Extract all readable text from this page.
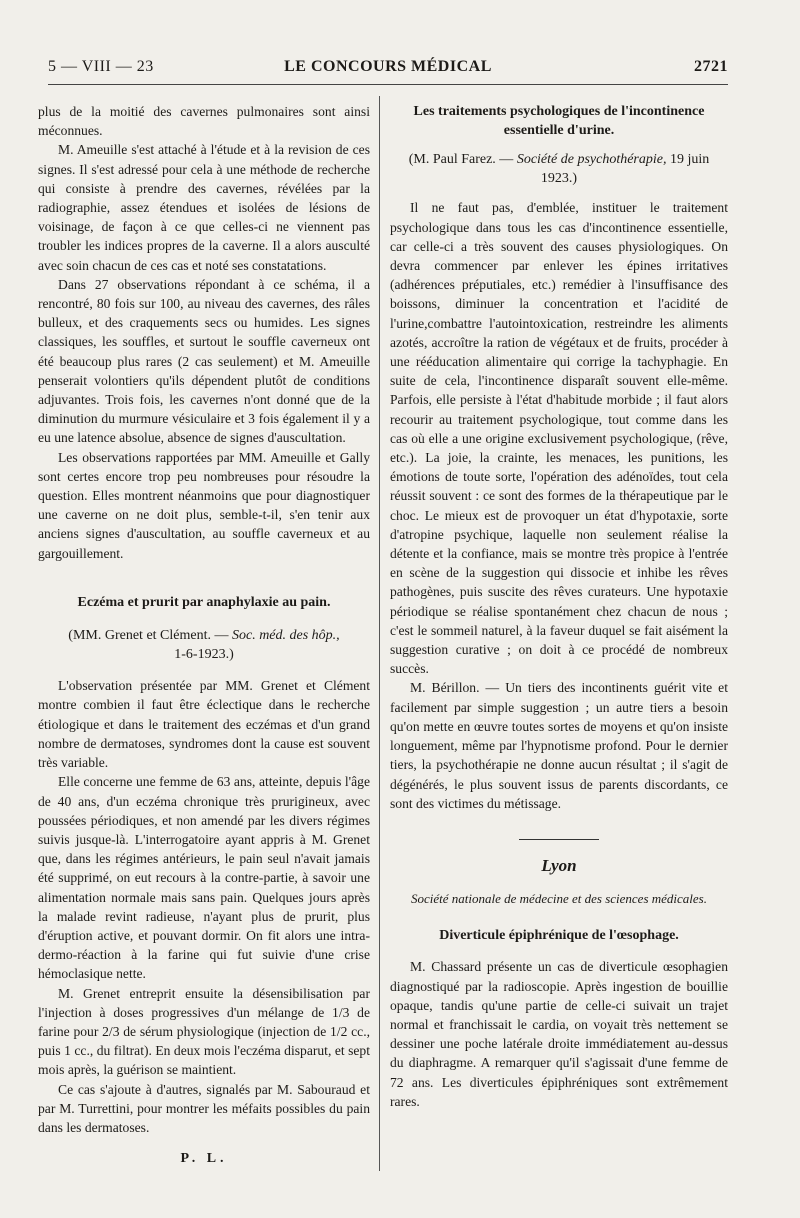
5 — VIII — 23	LE CONCOURS MÉDICAL	2721

plus de la moitié des cavernes pulmonaires sont ainsi méconnues.

M. Ameuille s'est attaché à l'étude et à la revision de ces signes. Il s'est adressé pour cela à une méthode de recherche qui consiste à prendre des cavernes, révélées par la radiographie, assez étendues et isolées de lésions de voisinage, de façon à ce que celles-ci ne viennent pas troubler les indices propres de la caverne. Il a alors ausculté avec soin chacun de ces cas et noté ses constatations.

Dans 27 observations répondant à ce schéma, il a rencontré, 80 fois sur 100, au niveau des cavernes, des râles bulleux, et des craquements secs ou humides. Les signes classiques, les souffles, et surtout le souffle caverneux ont été beaucoup plus rares (2 cas seulement) et M. Ameuille penserait volontiers qu'ils dépendent plutôt de conditions adjuvantes. Trois fois, les cavernes n'ont donné que de la diminution du murmure vésiculaire et 3 fois également il y a eu une latence absolue, absence de signes d'auscultation.

Les observations rapportées par MM. Ameuille et Gally sont certes encore trop peu nombreuses pour résoudre la question. Elles montrent néanmoins que pour diagnostiquer une caverne on ne doit plus, semble-t-il, s'en tenir aux anciens signes d'auscultation, au souffle caverneux et au gargouillement.

Eczéma et prurit par anaphylaxie au pain.

(MM. Grenet et Clément. — Soc. méd. des hôp.,
1-6-1923.)

L'observation présentée par MM. Grenet et Clément montre combien il faut être éclectique dans le recherche étiologique et dans le traitement des eczémas et d'un grand nombre de dermatoses, syndromes dont la cause est souvent très variable.

Elle concerne une femme de 63 ans, atteinte, depuis l'âge de 40 ans, d'un eczéma chronique très prurigineux, avec poussées périodiques, et non amendé par les divers régimes suivis jusque-là. L'interrogatoire ayant appris à M. Grenet que, dans les régimes antérieurs, le pain seul n'avait jamais été supprimé, on eut recours à la contre-partie, à savoir une alimentation normale mais sans pain. Quelques jours après la malade revint radieuse, n'ayant plus de prurit, plus d'éruption active, et pouvant dormir. On fit alors une intra-dermo-réaction à la farine qui fut suivie d'une crise hémoclasique nette.

M. Grenet entreprit ensuite la désensibilisation par l'injection à doses progressives d'un mélange de 1/3 de farine pour 2/3 de sérum physiologique (injection de 1/2 cc., puis 1 cc., du filtrat). En deux mois l'eczéma disparut, et sept mois après, la guérison se maintient.

Ce cas s'ajoute à d'autres, signalés par M. Sabouraud et par M. Turrettini, pour montrer les méfaits possibles du pain dans les dermatoses.

P. L.
Les traitements psychologiques de l'incontinence essentielle d'urine.

(M. Paul Farez. — Société de psychothérapie, 19 juin 1923.)

Il ne faut pas, d'emblée, instituer le traitement psychologique dans tous les cas d'incontinence essentielle, car celle-ci a très souvent des causes physiologiques. On devra commencer par enlever les épines irritatives (adhérences préputiales, etc.) remédier à l'insuffisance des boissons, diminuer la concentration et l'acidité de l'urine,combattre l'autointoxication, restreindre les aliments azotés, accroître la ration de végétaux et de fruits, procéder à une rééducation alimentaire qui corrige la tachyphagie. En suite de cela, l'incontinence disparaît souvent elle-même. Parfois, elle persiste à l'état d'habitude morbide ; il faut alors recourir au traitement psychologique, tout comme dans les cas où elle a une origine exclusivement psychologique, (rêve, etc.). La joie, la crainte, les menaces, les punitions, les émotions de toute sorte, l'opération des adénoïdes, tout cela réussit souvent : ce sont des formes de la thérapeutique par le choc. Le mieux est de provoquer un état d'hypotaxie, sorte d'atropine psychique, laquelle non seulement réalise la détente et la confiance, mais se montre très propice à l'entrée en scène de la suggestion qui dissocie et inhibe les rêves pathogènes, puis suscite des rêves curateurs. Une hypotaxie périodique se réalise spontanément chez chacun de nous ; c'est le sommeil naturel, à la faveur duquel se fait aisément la suggestion curative ; on doit à ce procédé de nombreux succès.

M. Bérillon. — Un tiers des incontinents guérit vite et facilement par simple suggestion ; un autre tiers a besoin qu'on mette en œuvre toutes sortes de moyens et qu'on insiste longuement, même par l'hypnotisme profond. Pour le dernier tiers, la psychothérapie ne donne aucun résultat ; il s'agit de dégénérés, le plus souvent issus de parents discordants, ce sont des victimes du métissage.

Lyon
Société nationale de médecine et des sciences médicales.
Diverticule épiphrénique de l'œsophage.

M. Chassard présente un cas de diverticule œsophagien diagnostiqué par la radioscopie. Après ingestion de bouillie opaque, tandis qu'une partie de celle-ci suivait un trajet normal et franchissait le cardia, on voyait très nettement se dessiner une poche latérale droite immédiatement au-dessus du diaphragme. A remarquer qu'il s'agissait d'une femme de 72 ans. Les diverticules épiphréniques sont extrêmement rares.
